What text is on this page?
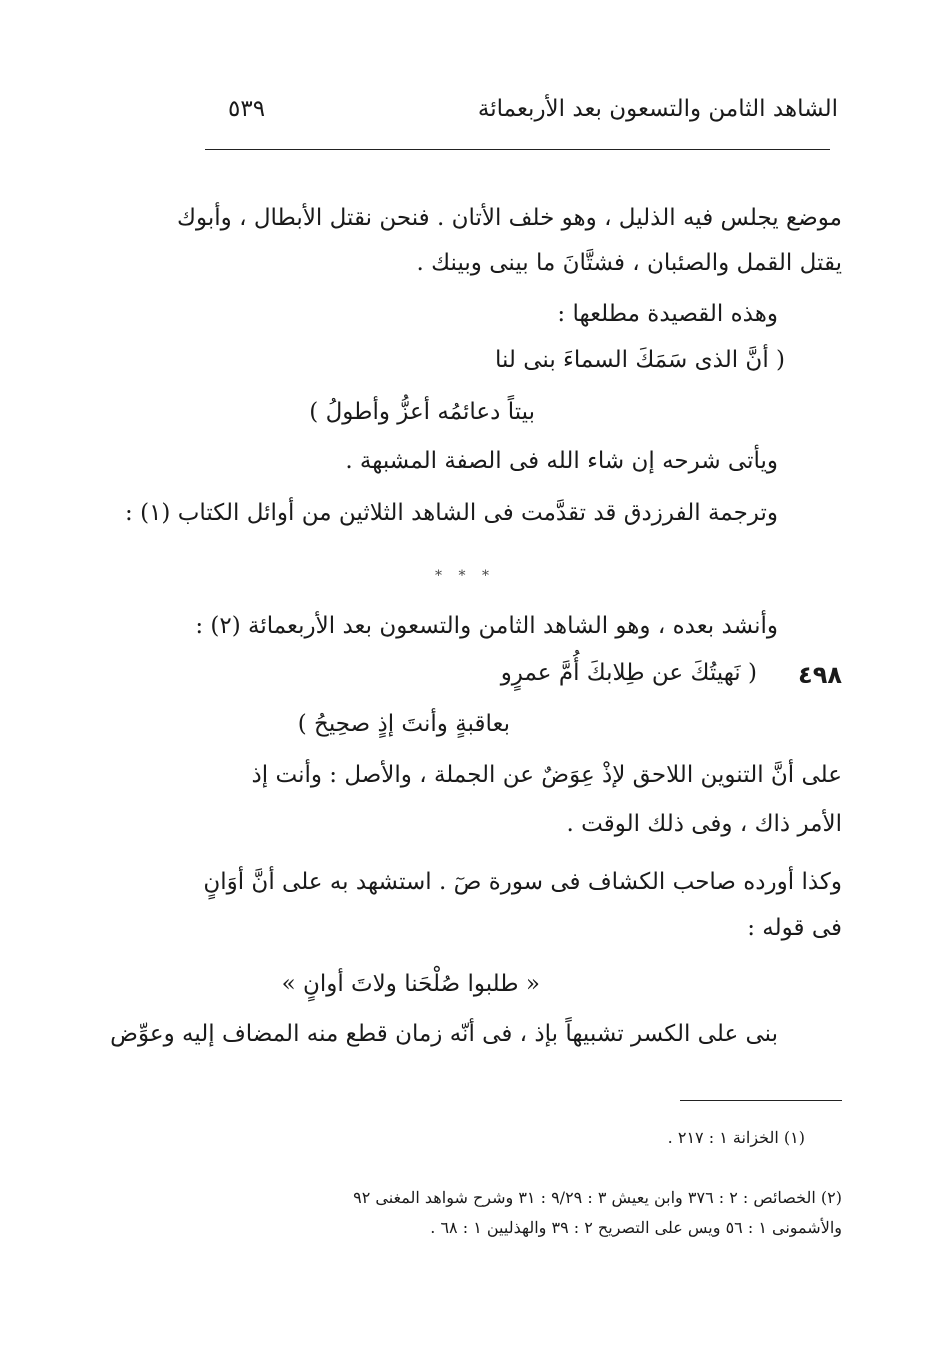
الشاهد الثامن والتسعون بعد الأربعمائة
٥٣٩
موضع يجلس فيه الذليل ، وهو خلف الأتان . فنحن نقتل الأبطال ، وأبوك
يقتل القمل والصئبان ، فشتَّانَ ما بينى وبينك .
وهذه القصيدة مطلعها :
( أنَّ الذى سَمَكَ السماءَ بنى لنا
بيتاً دعائمُه أعزُّ وأطولُ )
ويأتى شرحه إن شاء الله فى الصفة المشبهة .
وترجمة الفرزدق قد تقدَّمت فى الشاهد الثلاثين من أوائل الكتاب (١) :
* * *
وأنشد بعده ، وهو الشاهد الثامن والتسعون بعد الأربعمائة (٢) :
٤٩٨
( نَهيتُكَ عن طِلابكَ أُمَّ عمرٍو
بعاقبةٍ وأنتَ إذٍ صحِيحُ )
على أنَّ التنوين اللاحق لإذْ عِوَضٌ عن الجملة ، والأصل : وأنت إذ
الأمر ذاك ، وفى ذلك الوقت .
وكذا أورده صاحب الكشاف فى سورة صٓ . استشهد به على أنَّ أوَانٍ
فى قوله :
« طلبوا صُلْحَنا ولاتَ أوانٍ »
بنى على الكسر تشبيهاً بإذ ، فى أنّه زمان قطع منه المضاف إليه وعوِّض
(١) الخزانة ١ : ٢١٧ .
(٢) الخصائص : ٢ : ٣٧٦ وابن يعيش ٣ : ٩/٢٩ : ٣١ وشرح شواهد المغنى ٩٢
والأشمونى ١ : ٥٦ ويس على التصريح ٢ : ٣٩ والهذليين ١ : ٦٨ .
